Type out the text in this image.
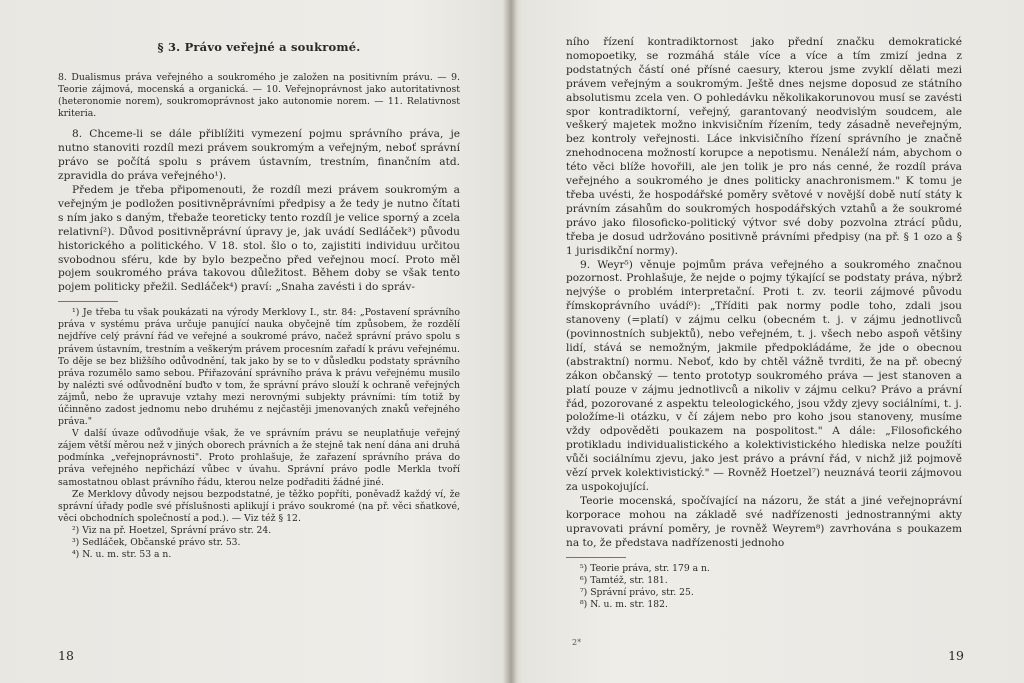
§ 3. Právo veřejné a soukromé.

8. Dualismus práva veřejného a soukromého je založen na positivním právu. — 9. Teorie zájmová, mocenská a organická. — 10. Veřejnoprávnost jako autoritativnost (heteronomie norem), soukromoprávnost jako autonomie norem. — 11. Relativnost kriteria.

8. Chceme-li se dále přiblížiti vymezení pojmu správního práva, je nutno stanoviti rozdíl mezi právem soukromým a veřejným, neboť správní právo se počítá spolu s právem ústavním, trestním, finančním atd. zpravidla do práva veřejného¹).

Předem je třeba připomenouti, že rozdíl mezi právem soukromým a veřejným je podložen positivněprávními předpisy a že tedy je nutno čítati s ním jako s daným, třebaže teoreticky tento rozdíl je velice sporný a zcela relativní²). Důvod positivněprávní úpravy je, jak uvádí Sedláček³) původu historického a politického. V 18. stol. šlo o to, zajistiti individuu určitou svobodnou sféru, kde by bylo bezpečno před veřejnou mocí. Proto měl pojem soukromého práva takovou důležitost. Během doby se však tento pojem politicky přežil. Sedláček⁴) praví: „Snaha zavésti i do správ-

¹) Je třeba tu však poukázati na výrody Merklovy I., str. 84: „Postavení správního práva v systému práva určuje panující nauka obyčejně tím způsobem, že rozdělí nejdříve celý právní řád ve veřejné a soukromé právo, načež správní právo spolu s právem ústavním, trestním a veškerým právem procesním zařadí k právu veřejnému. To děje se bez bližšího odůvodnění, tak jako by se to v důsledku podstaty správního práva rozumělo samo sebou. Přiřazování správního práva k právu veřejnému musilo by nalézti své odůvodnění buďto v tom, že správní právo slouží k ochraně veřejných zájmů, nebo že upravuje vztahy mezi nerovnými subjekty právními: tím totiž by účinněno zadost jednomu nebo druhému z nejčastěji jmenovaných znaků veřejného práva."

V další úvaze odůvodňuje však, že ve správním právu se neuplatňuje veřejný zájem větší měrou než v jiných oborech právních a že stejně tak není dána ani druhá podmínka „veřejnoprávnosti". Proto prohlašuje, že zařazení správního práva do práva veřejného nepřichází vůbec v úvahu. Správní právo podle Merkla tvoří samostatnou oblast právního řádu, kterou nelze podřaditi žádné jiné.

Ze Merklovy důvody nejsou bezpodstatné, je těžko popříti, poněvadž každý ví, že správní úřady podle své příslušnosti aplikují i právo soukromé (na př. věci sňatkové, věci obchodních společností a pod.). — Viz též § 12.

²) Viz na př. Hoetzel, Správní právo str. 24.

³) Sedláček, Občanské právo str. 53.

⁴) N. u. m. str. 53 a n.

18

ního řízení kontradiktornost jako přední značku demokratické nomopoetiky, se rozmáhá stále více a více a tím zmizí jedna z podstatných částí oné přísné caesury, kterou jsme zvyklí dělati mezi právem veřejným a soukromým. Ještě dnes nejsme doposud ze státního absolutismu zcela ven. O pohledávku několikakorunovou musí se zavésti spor kontradiktorní, veřejný, garantovaný neodvislým soudcem, ale veškerý majetek možno inkvisičním řízením, tedy zásadně neveřejným, bez kontroly veřejnosti. Láce inkvisičního řízení správního je značně znehodnocena možností korupce a nepotismu. Nenáleží nám, abychom o této věci blíže hovořili, ale jen tolik je pro nás cenné, že rozdíl práva veřejného a soukromého je dnes politicky anachronismem." K tomu je třeba uvésti, že hospodářské poměry světové v novější době nutí státy k právním zásahům do soukromých hospodářských vztahů a že soukromé právo jako filosoficko-politický výtvor své doby pozvolna ztrácí půdu, třeba je dosud udržováno positivně právními předpisy (na př. § 1 ozo a § 1 jurisdikční normy).

9. Weyr⁵) věnuje pojmům práva veřejného a soukromého značnou pozornost. Prohlašuje, že nejde o pojmy týkající se podstaty práva, nýbrž nejvýše o problém interpretační. Proti t. zv. teorii zájmové původu římskoprávního uvádí⁶): „Tříditi pak normy podle toho, zdali jsou stanoveny (=platí) v zájmu celku (obecném t. j. v zájmu jednotlivců (povinnostních subjektů), nebo veřejném, t. j. všech nebo aspoň většiny lidí, stává se nemožným, jakmile předpokládáme, že jde o obecnou (abstraktní) normu. Neboť, kdo by chtěl vážně tvrditi, že na př. obecný zákon občanský — tento prototyp soukromého práva — jest stanoven a platí pouze v zájmu jednotlivců a nikoliv v zájmu celku? Právo a právní řád, pozorované z aspektu teleologického, jsou vždy zjevy sociálními, t. j. položíme-li otázku, v čí zájem nebo pro koho jsou stanoveny, musíme vždy odpověděti poukazem na pospolitost." A dále: „Filosofického protikladu individualistického a kolektivistického hlediska nelze použíti vůči sociálnímu zjevu, jako jest právo a právní řád, v nichž již pojmově vězí prvek kolektivistický." — Rovněž Hoetzel⁷) neuznává teorii zájmovou za uspokojující.

Teorie mocenská, spočívající na názoru, že stát a jiné veřejnoprávní korporace mohou na základě své nadřízenosti jednostrannými akty upravovati právní poměry, je rovněž Weyrem⁸) zavrhována s poukazem na to, že představa nadřízenosti jednoho

⁵) Teorie práva, str. 179 a n.

⁶) Tamtéž, str. 181.

⁷) Správní právo, str. 25.

⁸) N. u. m. str. 182.

2*
19
